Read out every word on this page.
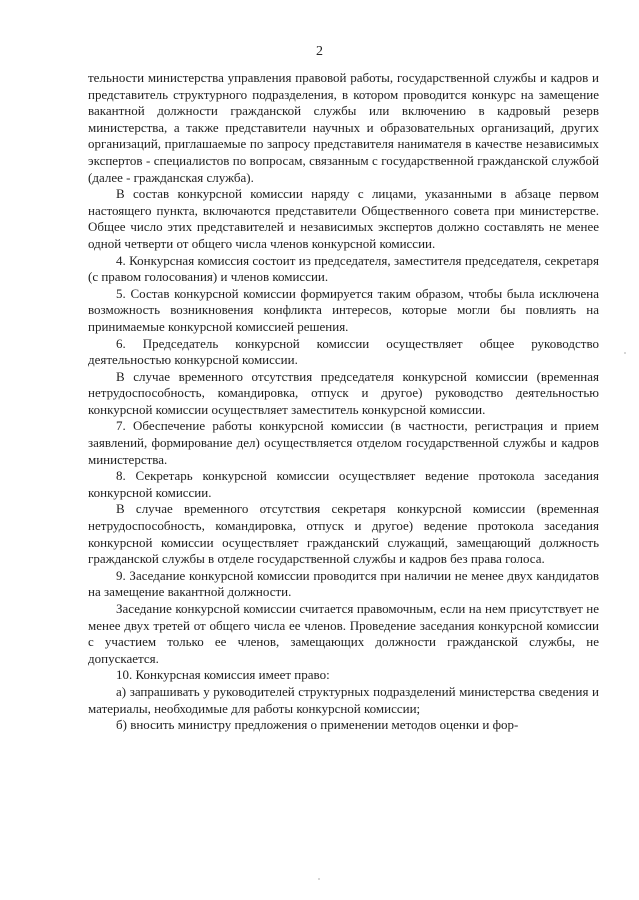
2

тельности министерства управления правовой работы, государственной службы и кадров и представитель структурного подразделения, в котором проводится конкурс на замещение вакантной должности гражданской службы или включению в кадровый резерв министерства, а также представители научных и образовательных организаций, других организаций, приглашаемые по запросу представителя нанимателя в качестве независимых экспертов - специалистов по вопросам, связанным с государственной гражданской службой (далее - гражданская служба).

В состав конкурсной комиссии наряду с лицами, указанными в абзаце первом настоящего пункта, включаются представители Общественного совета при министерстве. Общее число этих представителей и независимых экспертов должно составлять не менее одной четверти от общего числа членов конкурсной комиссии.

4. Конкурсная комиссия состоит из председателя, заместителя председателя, секретаря (с правом голосования) и членов комиссии.

5. Состав конкурсной комиссии формируется таким образом, чтобы была исключена возможность возникновения конфликта интересов, которые могли бы повлиять на принимаемые конкурсной комиссией решения.

6. Председатель конкурсной комиссии осуществляет общее руководство деятельностью конкурсной комиссии.

В случае временного отсутствия председателя конкурсной комиссии (временная нетрудоспособность, командировка, отпуск и другое) руководство деятельностью конкурсной комиссии осуществляет заместитель конкурсной комиссии.

7. Обеспечение работы конкурсной комиссии (в частности, регистрация и прием заявлений, формирование дел) осуществляется отделом государственной службы и кадров министерства.

8. Секретарь конкурсной комиссии осуществляет ведение протокола заседания конкурсной комиссии.

В случае временного отсутствия секретаря конкурсной комиссии (временная нетрудоспособность, командировка, отпуск и другое) ведение протокола заседания конкурсной комиссии осуществляет гражданский служащий, замещающий должность гражданской службы в отделе государственной службы и кадров без права голоса.

9. Заседание конкурсной комиссии проводится при наличии не менее двух кандидатов на замещение вакантной должности.

Заседание конкурсной комиссии считается правомочным, если на нем присутствует не менее двух третей от общего числа ее членов. Проведение заседания конкурсной комиссии с участием только ее членов, замещающих должности гражданской службы, не допускается.

10. Конкурсная комиссия имеет право:

а) запрашивать у руководителей структурных подразделений министерства сведения и материалы, необходимые для работы конкурсной комиссии;

б) вносить министру предложения о применении методов оценки и фор-
